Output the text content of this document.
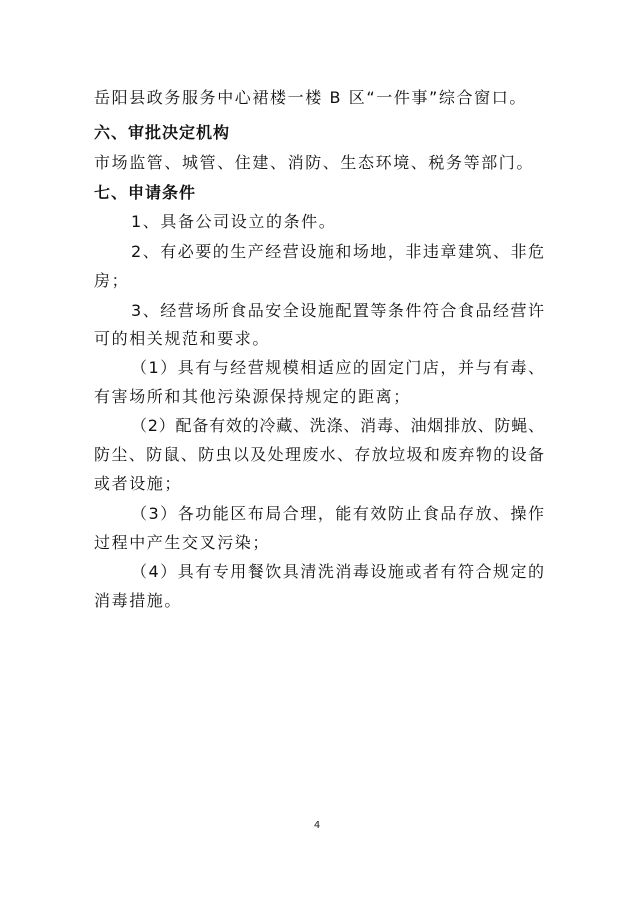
岳阳县政务服务中心裙楼一楼 B 区“一件事”综合窗口。
六、审批决定机构
市场监管、城管、住建、消防、生态环境、税务等部门。
七、申请条件
1、具备公司设立的条件。
2、有必要的生产经营设施和场地，非违章建筑、非危
房；
3、经营场所食品安全设施配置等条件符合食品经营许
可的相关规范和要求。
（1）具有与经营规模相适应的固定门店，并与有毒、
有害场所和其他污染源保持规定的距离；
（2）配备有效的冷藏、洗涤、消毒、油烟排放、防蝇、
防尘、防鼠、防虫以及处理废水、存放垃圾和废弃物的设备
或者设施；
（3）各功能区布局合理，能有效防止食品存放、操作
过程中产生交叉污染；
（4）具有专用餐饮具清洗消毒设施或者有符合规定的
消毒措施。
4
